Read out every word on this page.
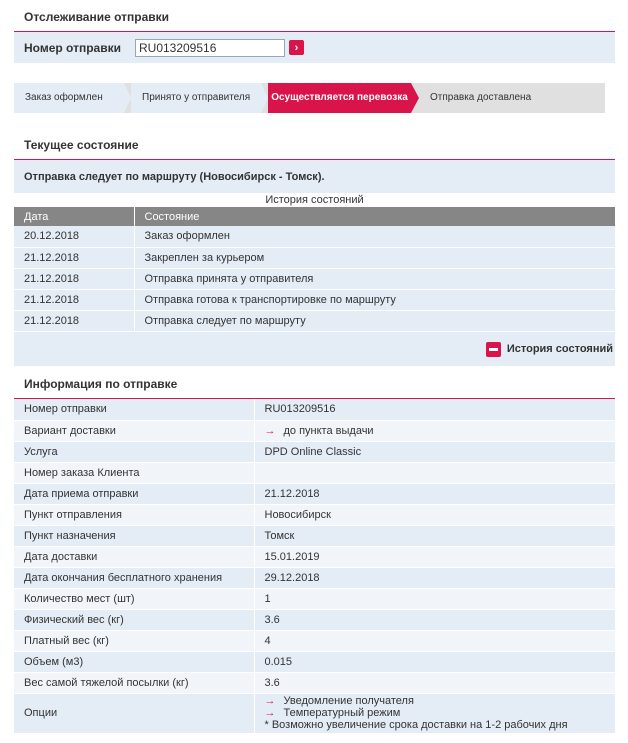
Отслеживание отправки
Номер отправки
RU013209516	›
Заказ оформлен	Принято у отправителя	Осуществляется перевозка	Отправка доставлена
Текущее состояние
Отправка следует по маршруту (Новосибирск - Томск).
История состояний
Дата	Состояние
20.12.2018	Заказ оформлен
21.12.2018	Закреплен за курьером
21.12.2018	Отправка принята у отправителя
21.12.2018	Отправка готова к транспортировке по маршруту
21.12.2018	Отправка следует по маршруту
История состояний
Информация по отправке
Номер отправки	RU013209516
Вариант доставки	→ до пункта выдачи
Услуга	DPD Online Classic
Номер заказа Клиента	
Дата приема отправки	21.12.2018
Пункт отправления	Новосибирск
Пункт назначения	Томск
Дата доставки	15.01.2019
Дата окончания бесплатного хранения	29.12.2018
Количество мест (шт)	1
Физический вес (кг)	3.6
Платный вес (кг)	4
Объем (м3)	0.015
Вес самой тяжелой посылки (кг)	3.6
Опции	→ Уведомление получателя
→ Температурный режим
* Возможно увеличение срока доставки на 1-2 рабочих дня
